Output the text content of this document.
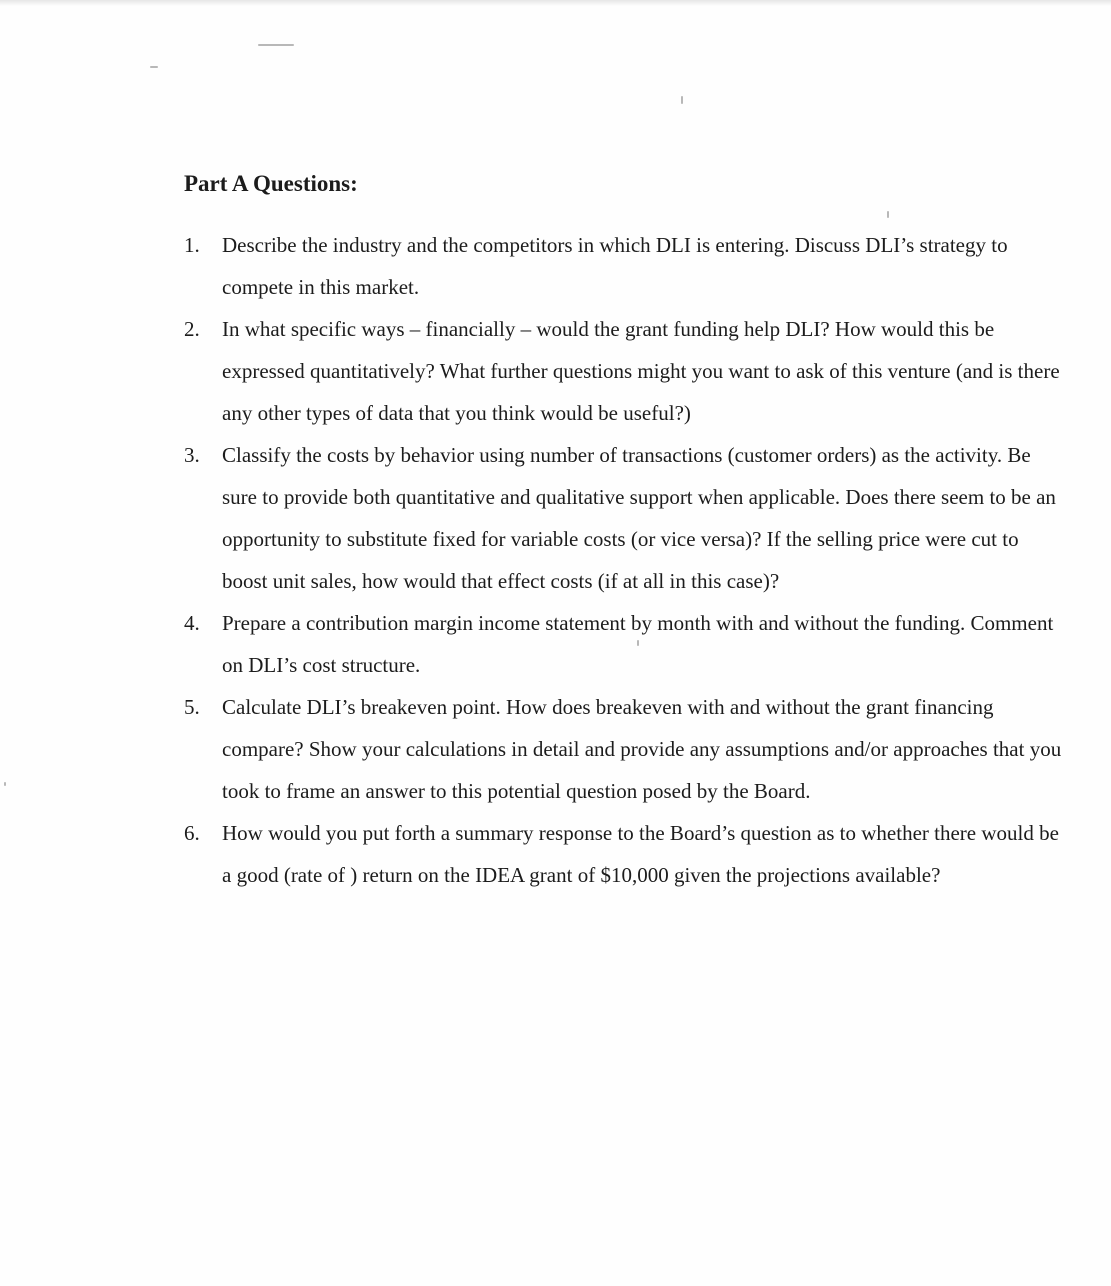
Part A Questions:
1. Describe the industry and the competitors in which DLI is entering. Discuss DLI’s strategy to compete in this market.
2. In what specific ways – financially – would the grant funding help DLI? How would this be expressed quantitatively? What further questions might you want to ask of this venture (and is there any other types of data that you think would be useful?)
3. Classify the costs by behavior using number of transactions (customer orders) as the activity. Be sure to provide both quantitative and qualitative support when applicable. Does there seem to be an opportunity to substitute fixed for variable costs (or vice versa)? If the selling price were cut to boost unit sales, how would that effect costs (if at all in this case)?
4. Prepare a contribution margin income statement by month with and without the funding. Comment on DLI’s cost structure.
5. Calculate DLI’s breakeven point. How does breakeven with and without the grant financing compare? Show your calculations in detail and provide any assumptions and/or approaches that you took to frame an answer to this potential question posed by the Board.
6. How would you put forth a summary response to the Board’s question as to whether there would be a good (rate of ) return on the IDEA grant of $10,000 given the projections available?
